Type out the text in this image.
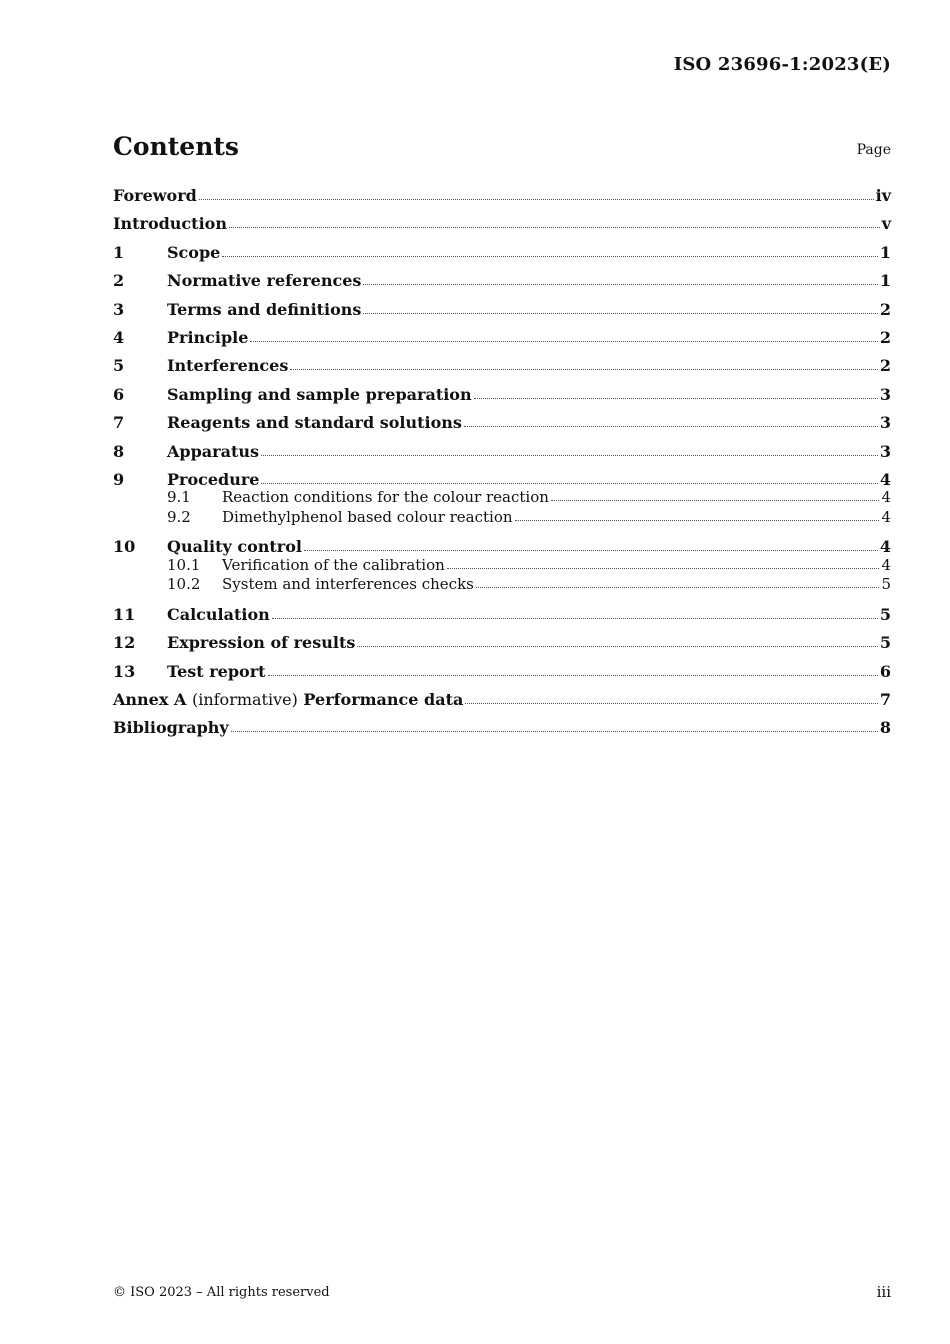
ISO 23696-1:2023(E)
Contents	Page
Foreword	iv
Introduction	v
1	Scope	1
2	Normative references	1
3	Terms and definitions	2
4	Principle	2
5	Interferences	2
6	Sampling and sample preparation	3
7	Reagents and standard solutions	3
8	Apparatus	3
9	Procedure	4
9.1	Reaction conditions for the colour reaction	4
9.2	Dimethylphenol based colour reaction	4
10	Quality control	4
10.1	Verification of the calibration	4
10.2	System and interferences checks	5
11	Calculation	5
12	Expression of results	5
13	Test report	6
Annex A (informative) Performance data	7
Bibliography	8
© ISO 2023 – All rights reserved	iii
